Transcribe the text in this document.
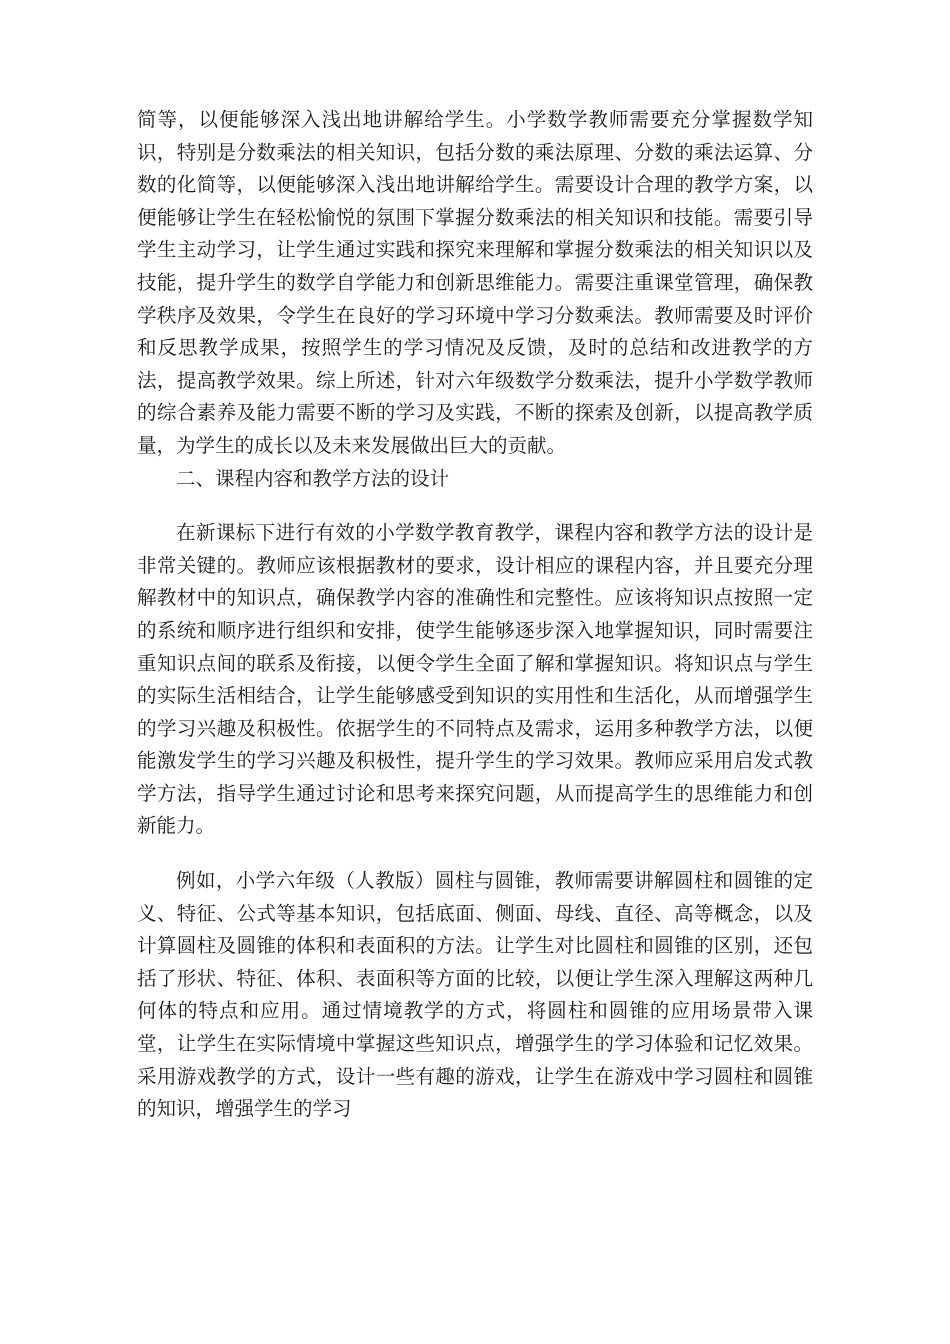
简等，以便能够深入浅出地讲解给学生。小学数学教师需要充分掌握数学知识，特别是分数乘法的相关知识，包括分数的乘法原理、分数的乘法运算、分数的化简等，以便能够深入浅出地讲解给学生。需要设计合理的教学方案，以便能够让学生在轻松愉悦的氛围下掌握分数乘法的相关知识和技能。需要引导学生主动学习，让学生通过实践和探究来理解和掌握分数乘法的相关知识以及技能，提升学生的数学自学能力和创新思维能力。需要注重课堂管理，确保教学秩序及效果，令学生在良好的学习环境中学习分数乘法。教师需要及时评价和反思教学成果，按照学生的学习情况及反馈，及时的总结和改进教学的方法，提高教学效果。综上所述，针对六年级数学分数乘法，提升小学数学教师的综合素养及能力需要不断的学习及实践，不断的探索及创新，以提高教学质量，为学生的成长以及未来发展做出巨大的贡献。

二、课程内容和教学方法的设计

在新课标下进行有效的小学数学教育教学，课程内容和教学方法的设计是非常关键的。教师应该根据教材的要求，设计相应的课程内容，并且要充分理解教材中的知识点，确保教学内容的准确性和完整性。应该将知识点按照一定的系统和顺序进行组织和安排，使学生能够逐步深入地掌握知识，同时需要注重知识点间的联系及衔接，以便令学生全面了解和掌握知识。将知识点与学生的实际生活相结合，让学生能够感受到知识的实用性和生活化，从而增强学生的学习兴趣及积极性。依据学生的不同特点及需求，运用多种教学方法，以便能激发学生的学习兴趣及积极性，提升学生的学习效果。教师应采用启发式教学方法，指导学生通过讨论和思考来探究问题，从而提高学生的思维能力和创新能力。

例如，小学六年级（人教版）圆柱与圆锥，教师需要讲解圆柱和圆锥的定义、特征、公式等基本知识，包括底面、侧面、母线、直径、高等概念，以及计算圆柱及圆锥的体积和表面积的方法。让学生对比圆柱和圆锥的区别，还包括了形状、特征、体积、表面积等方面的比较，以便让学生深入理解这两种几何体的特点和应用。通过情境教学的方式，将圆柱和圆锥的应用场景带入课堂，让学生在实际情境中掌握这些知识点，增强学生的学习体验和记忆效果。采用游戏教学的方式，设计一些有趣的游戏，让学生在游戏中学习圆柱和圆锥的知识，增强学生的学习
